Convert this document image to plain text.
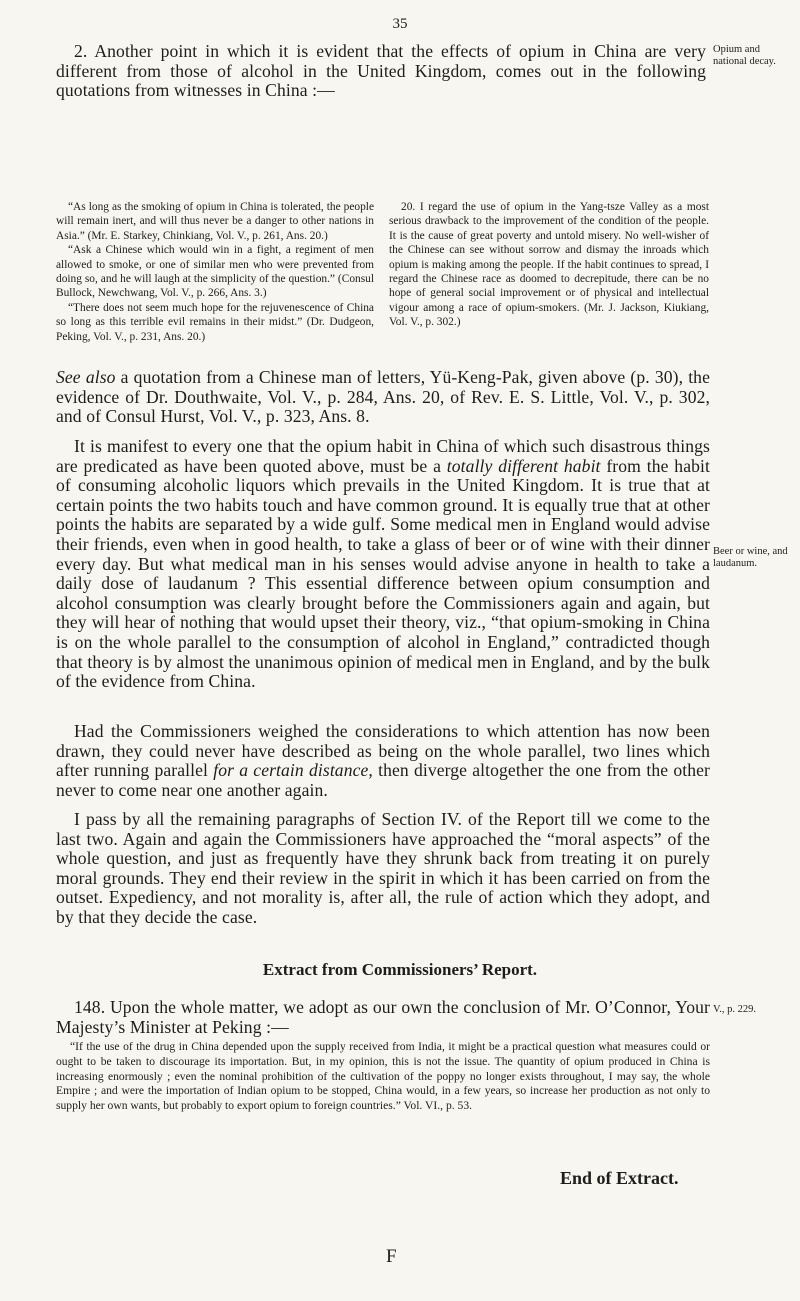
35
2. Another point in which it is evident that the effects of opium in China are very different from those of alcohol in the United Kingdom, comes out in the following quotations from witnesses in China :—
Opium and national decay.

“As long as the smoking of opium in China is tolerated, the people will remain inert, and will thus never be a danger to other nations in Asia.” (Mr. E. Starkey, Chinkiang, Vol. V., p. 261, Ans. 20.)

“Ask a Chinese which would win in a fight, a regiment of men allowed to smoke, or one of similar men who were prevented from doing so, and he will laugh at the simplicity of the question.” (Consul Bullock, Newchwang, Vol. V., p. 266, Ans. 3.)

“There does not seem much hope for the rejuvenescence of China so long as this terrible evil remains in their midst.” (Dr. Dudgeon, Peking, Vol. V., p. 231, Ans. 20.)

20. I regard the use of opium in the Yang-tsze Valley as a most serious drawback to the improvement of the condition of the people. It is the cause of great poverty and untold misery. No well-wisher of the Chinese can see without sorrow and dismay the inroads which opium is making among the people. If the habit continues to spread, I regard the Chinese race as doomed to decrepitude, there can be no hope of general social improvement or of physical and intellectual vigour among a race of opium-smokers. (Mr. J. Jackson, Kiukiang, Vol. V., p. 302.)

See also a quotation from a Chinese man of letters, Yü-Keng-Pak, given above (p. 30), the evidence of Dr. Douthwaite, Vol. V., p. 284, Ans. 20, of Rev. E. S. Little, Vol. V., p. 302, and of Consul Hurst, Vol. V., p. 323, Ans. 8.
It is manifest to every one that the opium habit in China of which such disastrous things are predicated as have been quoted above, must be a totally different habit from the habit of consuming alcoholic liquors which prevails in the United Kingdom. It is true that at certain points the two habits touch and have common ground. It is equally true that at other points the habits are separated by a wide gulf. Some medical men in England would advise their friends, even when in good health, to take a glass of beer or of wine with their dinner every day. But what medical man in his senses would advise anyone in health to take a daily dose of laudanum ? This essential difference between opium consumption and alcohol consumption was clearly brought before the Commissioners again and again, but they will hear of nothing that would upset their theory, viz., “that opium-smoking in China is on the whole parallel to the consumption of alcohol in England,” contradicted though that theory is by almost the unanimous opinion of medical men in England, and by the bulk of the evidence from China.
Beer or wine, and laudanum.
Had the Commissioners weighed the considerations to which attention has now been drawn, they could never have described as being on the whole parallel, two lines which after running parallel for a certain distance, then diverge altogether the one from the other never to come near one another again.
I pass by all the remaining paragraphs of Section IV. of the Report till we come to the last two. Again and again the Commissioners have approached the “moral aspects” of the whole question, and just as frequently have they shrunk back from treating it on purely moral grounds. They end their review in the spirit in which it has been carried on from the outset. Expediency, and not morality is, after all, the rule of action which they adopt, and by that they decide the case.
Extract from Commissioners’ Report.
148. Upon the whole matter, we adopt as our own the conclusion of Mr. O’Connor, Your Majesty’s Minister at Peking :—
V., p. 229.
“If the use of the drug in China depended upon the supply received from India, it might be a practical question what measures could or ought to be taken to discourage its importation. But, in my opinion, this is not the issue. The quantity of opium produced in China is increasing enormously ; even the nominal prohibition of the cultivation of the poppy no longer exists throughout, I may say, the whole Empire ; and were the importation of Indian opium to be stopped, China would, in a few years, so increase her production as not only to supply her own wants, but probably to export opium to foreign countries.” Vol. VI., p. 53.
End of Extract.
F
